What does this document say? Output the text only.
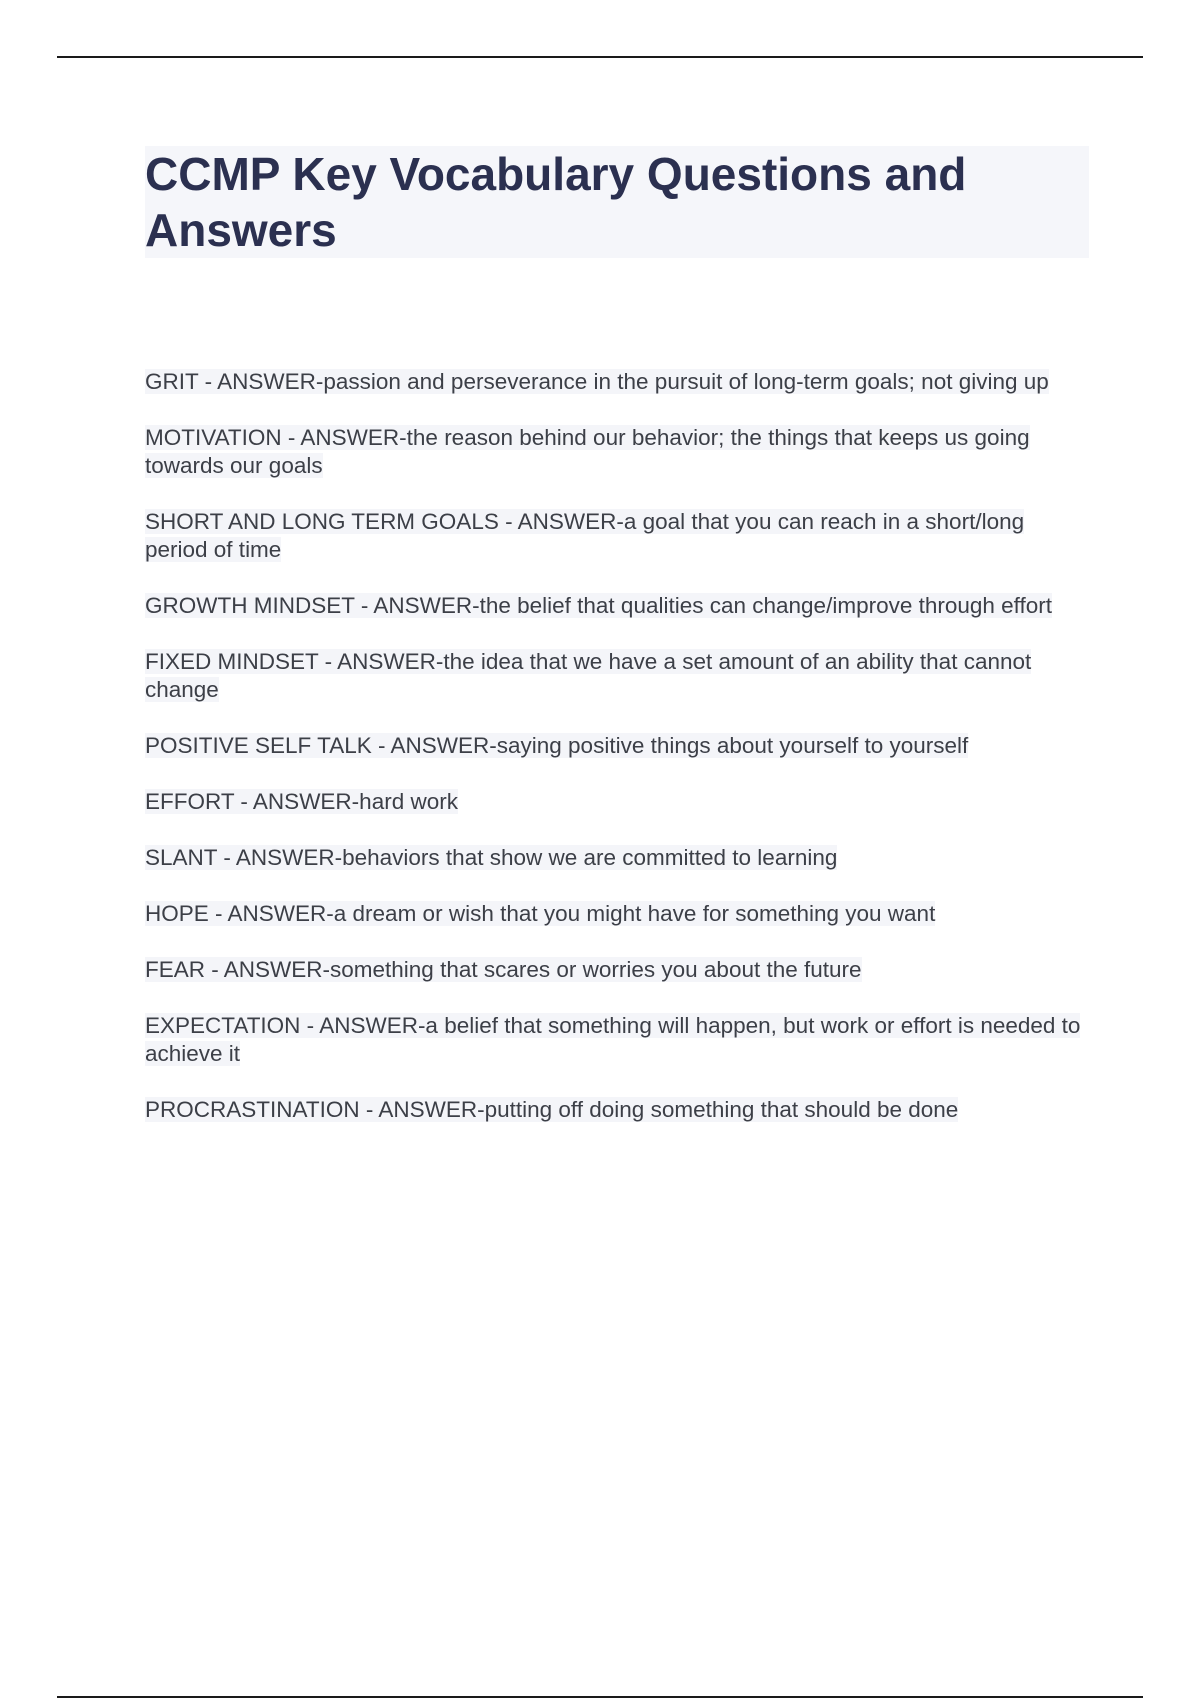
CCMP Key Vocabulary Questions and Answers

GRIT - ANSWER-passion and perseverance in the pursuit of long-term goals; not giving up

MOTIVATION - ANSWER-the reason behind our behavior; the things that keeps us going towards our goals

SHORT AND LONG TERM GOALS - ANSWER-a goal that you can reach in a short/long period of time

GROWTH MINDSET - ANSWER-the belief that qualities can change/improve through effort

FIXED MINDSET - ANSWER-the idea that we have a set amount of an ability that cannot change

POSITIVE SELF TALK - ANSWER-saying positive things about yourself to yourself

EFFORT - ANSWER-hard work

SLANT - ANSWER-behaviors that show we are committed to learning

HOPE - ANSWER-a dream or wish that you might have for something you want

FEAR - ANSWER-something that scares or worries you about the future

EXPECTATION - ANSWER-a belief that something will happen, but work or effort is needed to achieve it

PROCRASTINATION - ANSWER-putting off doing something that should be done
